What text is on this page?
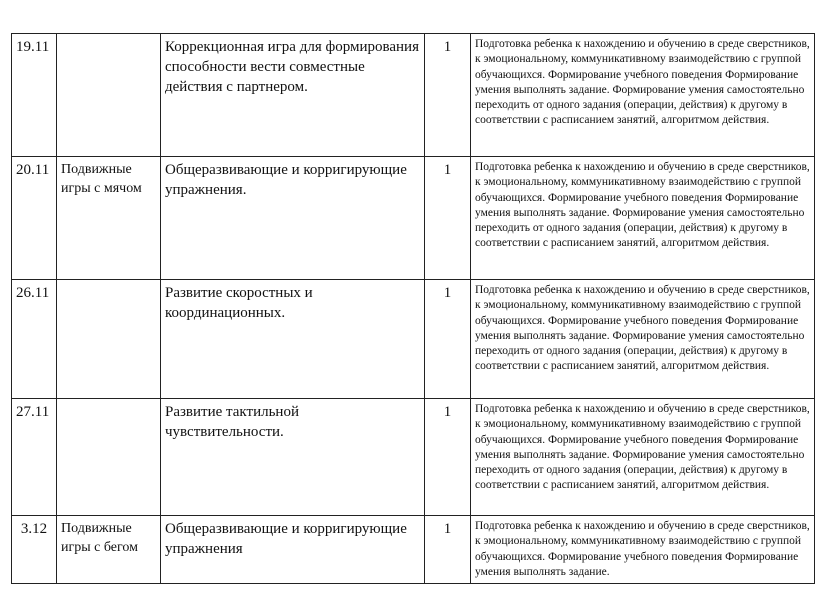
19.11		Коррекционная игра для формирования способности вести совместные действия с партнером.	1	Подготовка ребенка к нахождению и обучению в среде сверстников, к эмоциональному, коммуникативному взаимодействию с группой обучающихся. Формирование учебного поведения Формирование умения выполнять задание. Формирование умения самостоятельно переходить от одного задания (операции, действия) к другому в соответствии с расписанием занятий, алгоритмом действия.
20.11	Подвижные игры с мячом	Общеразвивающие и корригирующие упражнения.	1	Подготовка ребенка к нахождению и обучению в среде сверстников, к эмоциональному, коммуникативному взаимодействию с группой обучающихся. Формирование учебного поведения Формирование умения выполнять задание. Формирование умения самостоятельно переходить от одного задания (операции, действия) к другому в соответствии с расписанием занятий, алгоритмом действия.
26.11		Развитие скоростных и координационных.	1	Подготовка ребенка к нахождению и обучению в среде сверстников, к эмоциональному, коммуникативному взаимодействию с группой обучающихся. Формирование учебного поведения Формирование умения выполнять задание. Формирование умения самостоятельно переходить от одного задания (операции, действия) к другому в соответствии с расписанием занятий, алгоритмом действия.
27.11		Развитие тактильной чувствительности.	1	Подготовка ребенка к нахождению и обучению в среде сверстников, к эмоциональному, коммуникативному взаимодействию с группой обучающихся. Формирование учебного поведения Формирование умения выполнять задание. Формирование умения самостоятельно переходить от одного задания (операции, действия) к другому в соответствии с расписанием занятий, алгоритмом действия.
3.12	Подвижные игры с бегом	Общеразвивающие и корригирующие упражнения	1	Подготовка ребенка к нахождению и обучению в среде сверстников, к эмоциональному, коммуникативному взаимодействию с группой обучающихся. Формирование учебного поведения Формирование умения выполнять задание.
